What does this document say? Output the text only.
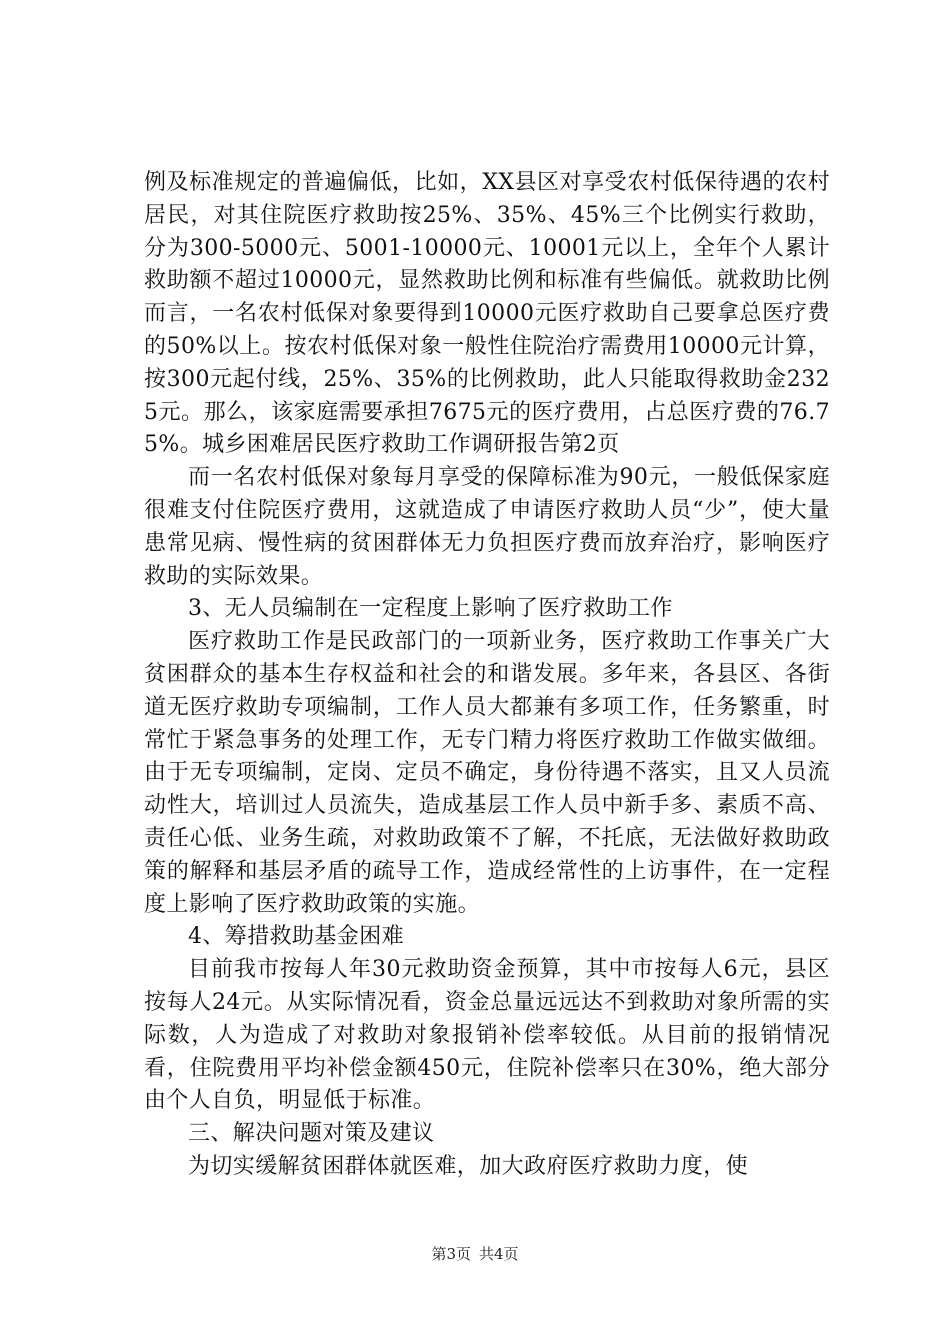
例及标准规定的普遍偏低，比如，XX县区对享受农村低保待遇的农村居民，对其住院医疗救助按25%、35%、45%三个比例实行救助，分为300-5000元、5001-10000元、10001元以上，全年个人累计救助额不超过10000元，显然救助比例和标准有些偏低。就救助比例而言，一名农村低保对象要得到10000元医疗救助自己要拿总医疗费的50%以上。按农村低保对象一般性住院治疗需费用10000元计算，按300元起付线，25%、35%的比例救助，此人只能取得救助金2325元。那么，该家庭需要承担7675元的医疗费用，占总医疗费的76.75%。城乡困难居民医疗救助工作调研报告第2页

而一名农村低保对象每月享受的保障标准为90元，一般低保家庭很难支付住院医疗费用，这就造成了申请医疗救助人员“少”，使大量患常见病、慢性病的贫困群体无力负担医疗费而放弃治疗，影响医疗救助的实际效果。

3、无人员编制在一定程度上影响了医疗救助工作

医疗救助工作是民政部门的一项新业务，医疗救助工作事关广大贫困群众的基本生存权益和社会的和谐发展。多年来，各县区、各街道无医疗救助专项编制，工作人员大都兼有多项工作，任务繁重，时常忙于紧急事务的处理工作，无专门精力将医疗救助工作做实做细。由于无专项编制，定岗、定员不确定，身份待遇不落实，且又人员流动性大，培训过人员流失，造成基层工作人员中新手多、素质不高、责任心低、业务生疏，对救助政策不了解，不托底，无法做好救助政策的解释和基层矛盾的疏导工作，造成经常性的上访事件，在一定程度上影响了医疗救助政策的实施。

4、筹措救助基金困难

目前我市按每人年30元救助资金预算，其中市按每人6元，县区按每人24元。从实际情况看，资金总量远远达不到救助对象所需的实际数，人为造成了对救助对象报销补偿率较低。从目前的报销情况看，住院费用平均补偿金额450元，住院补偿率只在30%，绝大部分由个人自负，明显低于标准。

三、解决问题对策及建议

为切实缓解贫困群体就医难，加大政府医疗救助力度，使

第3页 共4页
